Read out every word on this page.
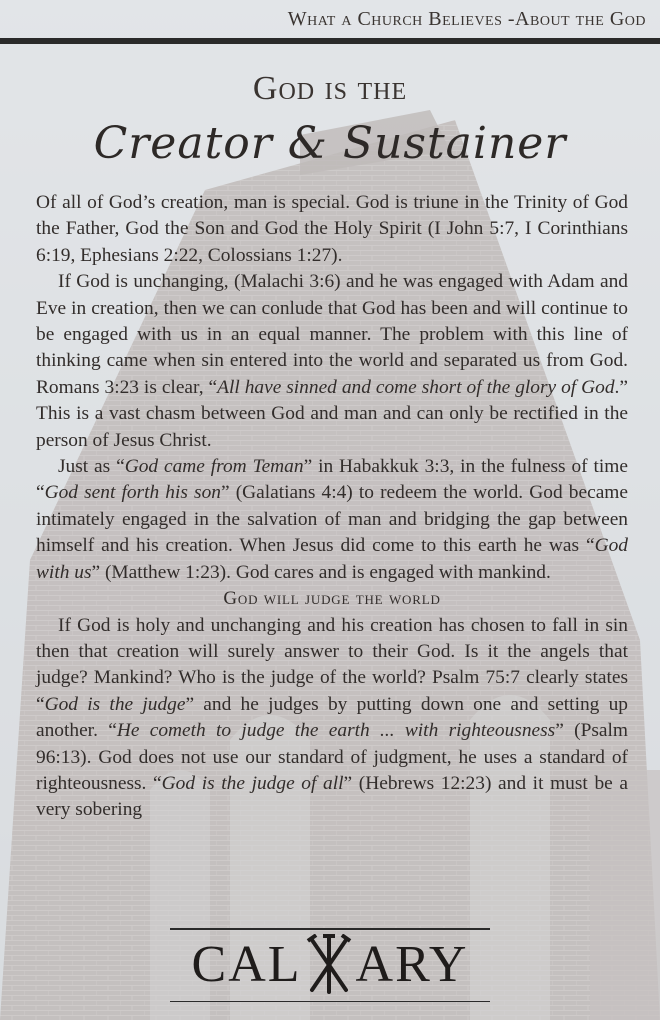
What a Church Believes -About the God
God is the
Creator & Sustainer

Of all of God’s creation, man is special. God is triune in the Trinity of God the Father, God the Son and God the Holy Spirit (I John 5:7, I Corinthians 6:19, Ephesians 2:22, Colossians 1:27).

If God is unchanging, (Malachi 3:6) and he was engaged with Adam and Eve in creation, then we can conlude that God has been and will continue to be engaged with us in an equal manner. The problem with this line of thinking came when sin entered into the world and separated us from God. Romans 3:23 is clear, “All have sinned and come short of the glory of God.” This is a vast chasm between God and man and can only be rectified in the person of Jesus Christ.

Just as “God came from Teman” in Habakkuk 3:3, in the fulness of time “God sent forth his son” (Galatians 4:4) to redeem the world. God became intimately engaged in the salvation of man and bridging the gap between himself and his creation. When Jesus did come to this earth he was “God with us” (Matthew 1:23). God cares and is engaged with mankind.

God will judge the world

If God is holy and unchanging and his creation has chosen to fall in sin then that creation will surely answer to their God. Is it the angels that judge? Mankind? Who is the judge of the world? Psalm 75:7 clearly states “God is the judge” and he judges by putting down one and setting up another. “He cometh to judge the earth ... with righteousness” (Psalm 96:13). God does not use our standard of judgment, he uses a standard of righteousness. “God is the judge of all” (Hebrews 12:23) and it must be a very sobering

CAL ARY
